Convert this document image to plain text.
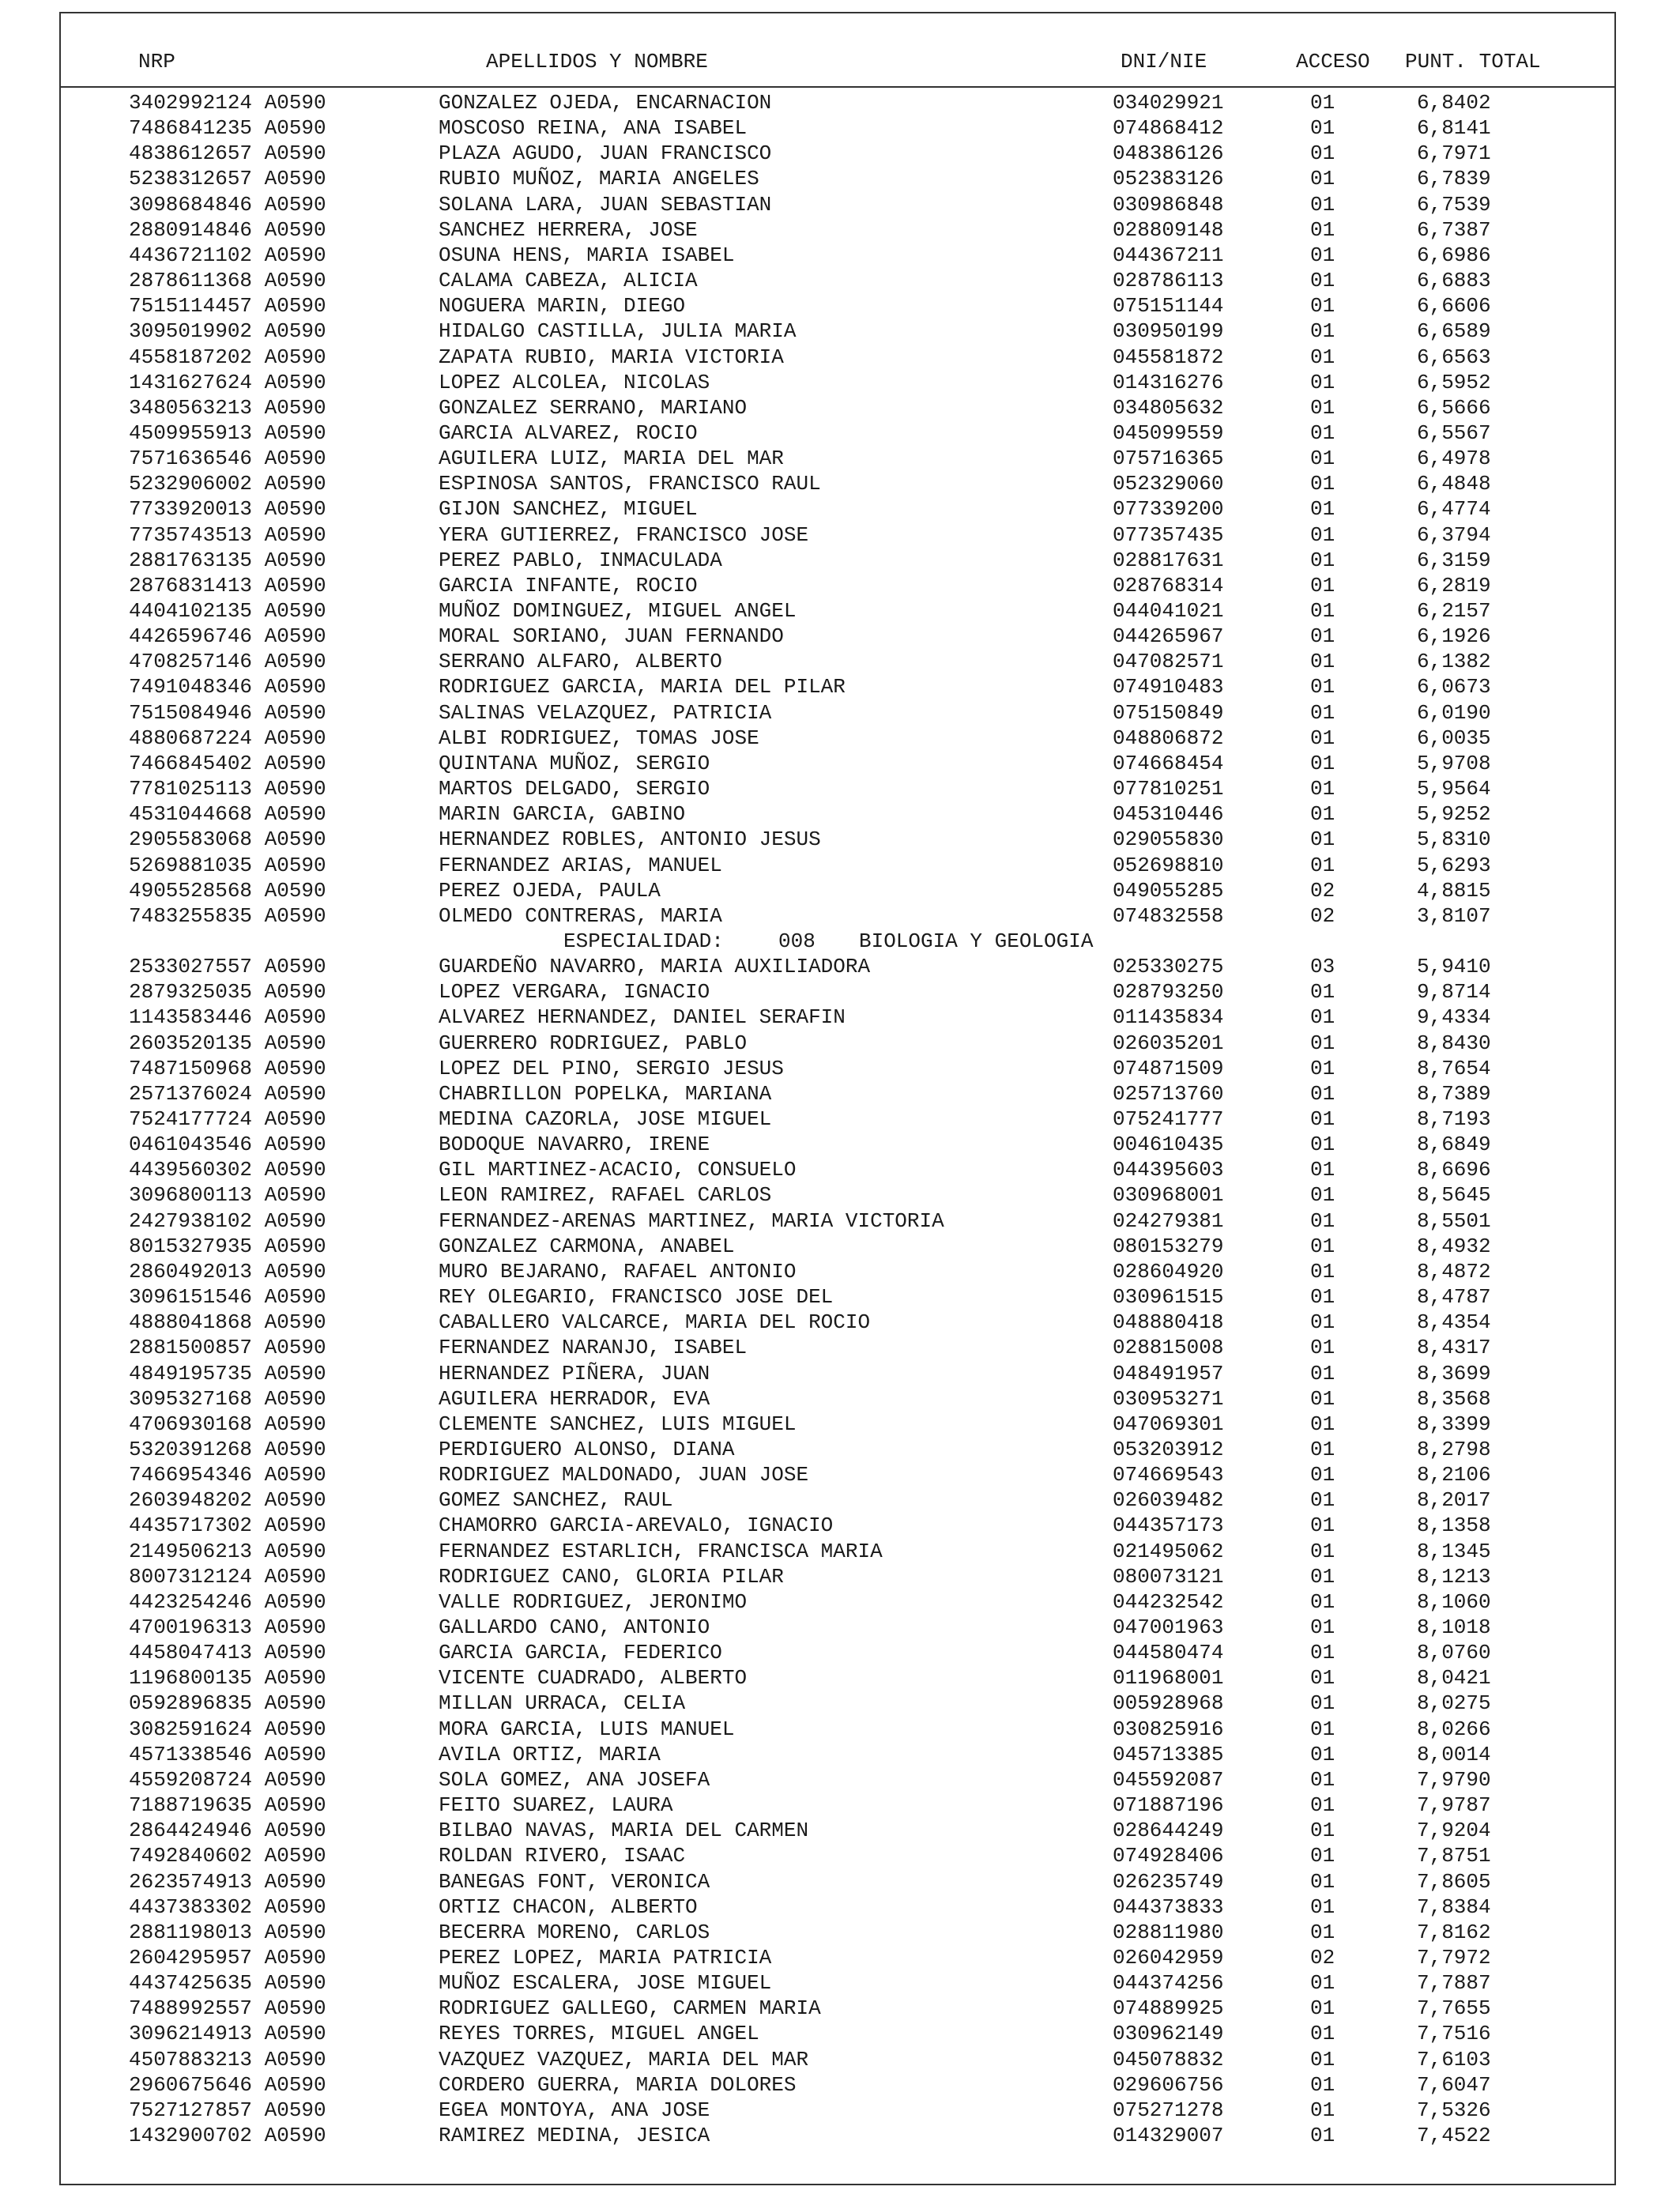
NRP	APELLIDOS Y NOMBRE	DNI/NIE	ACCESO PUNT. TOTAL
3402992124 A0590	GONZALEZ OJEDA, ENCARNACION	034029921	01	6,8402
7486841235 A0590	MOSCOSO REINA, ANA ISABEL	074868412	01	6,8141
4838612657 A0590	PLAZA AGUDO, JUAN FRANCISCO	048386126	01	6,7971
5238312657 A0590	RUBIO MUÑOZ, MARIA ANGELES	052383126	01	6,7839
3098684846 A0590	SOLANA LARA, JUAN SEBASTIAN	030986848	01	6,7539
2880914846 A0590	SANCHEZ HERRERA, JOSE	028809148	01	6,7387
4436721102 A0590	OSUNA HENS, MARIA ISABEL	044367211	01	6,6986
2878611368 A0590	CALAMA CABEZA, ALICIA	028786113	01	6,6883
7515114457 A0590	NOGUERA MARIN, DIEGO	075151144	01	6,6606
3095019902 A0590	HIDALGO CASTILLA, JULIA MARIA	030950199	01	6,6589
4558187202 A0590	ZAPATA RUBIO, MARIA VICTORIA	045581872	01	6,6563
1431627624 A0590	LOPEZ ALCOLEA, NICOLAS	014316276	01	6,5952
3480563213 A0590	GONZALEZ SERRANO, MARIANO	034805632	01	6,5666
4509955913 A0590	GARCIA ALVAREZ, ROCIO	045099559	01	6,5567
7571636546 A0590	AGUILERA LUIZ, MARIA DEL MAR	075716365	01	6,4978
5232906002 A0590	ESPINOSA SANTOS, FRANCISCO RAUL	052329060	01	6,4848
7733920013 A0590	GIJON SANCHEZ, MIGUEL	077339200	01	6,4774
7735743513 A0590	YERA GUTIERREZ, FRANCISCO JOSE	077357435	01	6,3794
2881763135 A0590	PEREZ PABLO, INMACULADA	028817631	01	6,3159
2876831413 A0590	GARCIA INFANTE, ROCIO	028768314	01	6,2819
4404102135 A0590	MUÑOZ DOMINGUEZ, MIGUEL ANGEL	044041021	01	6,2157
4426596746 A0590	MORAL SORIANO, JUAN FERNANDO	044265967	01	6,1926
4708257146 A0590	SERRANO ALFARO, ALBERTO	047082571	01	6,1382
7491048346 A0590	RODRIGUEZ GARCIA, MARIA DEL PILAR	074910483	01	6,0673
7515084946 A0590	SALINAS VELAZQUEZ, PATRICIA	075150849	01	6,0190
4880687224 A0590	ALBI RODRIGUEZ, TOMAS JOSE	048806872	01	6,0035
7466845402 A0590	QUINTANA MUÑOZ, SERGIO	074668454	01	5,9708
7781025113 A0590	MARTOS DELGADO, SERGIO	077810251	01	5,9564
4531044668 A0590	MARIN GARCIA, GABINO	045310446	01	5,9252
2905583068 A0590	HERNANDEZ ROBLES, ANTONIO JESUS	029055830	01	5,8310
5269881035 A0590	FERNANDEZ ARIAS, MANUEL	052698810	01	5,6293
4905528568 A0590	PEREZ OJEDA, PAULA	049055285	02	4,8815
7483255835 A0590	OLMEDO CONTRERAS, MARIA	074832558	02	3,8107
ESPECIALIDAD:	008 BIOLOGIA Y GEOLOGIA
2533027557 A0590	GUARDEÑO NAVARRO, MARIA AUXILIADORA	025330275	03	5,9410
2879325035 A0590	LOPEZ VERGARA, IGNACIO	028793250	01	9,8714
1143583446 A0590	ALVAREZ HERNANDEZ, DANIEL SERAFIN	011435834	01	9,4334
2603520135 A0590	GUERRERO RODRIGUEZ, PABLO	026035201	01	8,8430
7487150968 A0590	LOPEZ DEL PINO, SERGIO JESUS	074871509	01	8,7654
2571376024 A0590	CHABRILLON POPELKA, MARIANA	025713760	01	8,7389
7524177724 A0590	MEDINA CAZORLA, JOSE MIGUEL	075241777	01	8,7193
0461043546 A0590	BODOQUE NAVARRO, IRENE	004610435	01	8,6849
4439560302 A0590	GIL MARTINEZ-ACACIO, CONSUELO	044395603	01	8,6696
3096800113 A0590	LEON RAMIREZ, RAFAEL CARLOS	030968001	01	8,5645
2427938102 A0590	FERNANDEZ-ARENAS MARTINEZ, MARIA VICTORIA	024279381	01	8,5501
8015327935 A0590	GONZALEZ CARMONA, ANABEL	080153279	01	8,4932
2860492013 A0590	MURO BEJARANO, RAFAEL ANTONIO	028604920	01	8,4872
3096151546 A0590	REY OLEGARIO, FRANCISCO JOSE DEL	030961515	01	8,4787
4888041868 A0590	CABALLERO VALCARCE, MARIA DEL ROCIO	048880418	01	8,4354
2881500857 A0590	FERNANDEZ NARANJO, ISABEL	028815008	01	8,4317
4849195735 A0590	HERNANDEZ PIÑERA, JUAN	048491957	01	8,3699
3095327168 A0590	AGUILERA HERRADOR, EVA	030953271	01	8,3568
4706930168 A0590	CLEMENTE SANCHEZ, LUIS MIGUEL	047069301	01	8,3399
5320391268 A0590	PERDIGUERO ALONSO, DIANA	053203912	01	8,2798
7466954346 A0590	RODRIGUEZ MALDONADO, JUAN JOSE	074669543	01	8,2106
2603948202 A0590	GOMEZ SANCHEZ, RAUL	026039482	01	8,2017
4435717302 A0590	CHAMORRO GARCIA-AREVALO, IGNACIO	044357173	01	8,1358
2149506213 A0590	FERNANDEZ ESTARLICH, FRANCISCA MARIA	021495062	01	8,1345
8007312124 A0590	RODRIGUEZ CANO, GLORIA PILAR	080073121	01	8,1213
4423254246 A0590	VALLE RODRIGUEZ, JERONIMO	044232542	01	8,1060
4700196313 A0590	GALLARDO CANO, ANTONIO	047001963	01	8,1018
4458047413 A0590	GARCIA GARCIA, FEDERICO	044580474	01	8,0760
1196800135 A0590	VICENTE CUADRADO, ALBERTO	011968001	01	8,0421
0592896835 A0590	MILLAN URRACA, CELIA	005928968	01	8,0275
3082591624 A0590	MORA GARCIA, LUIS MANUEL	030825916	01	8,0266
4571338546 A0590	AVILA ORTIZ, MARIA	045713385	01	8,0014
4559208724 A0590	SOLA GOMEZ, ANA JOSEFA	045592087	01	7,9790
7188719635 A0590	FEITO SUAREZ, LAURA	071887196	01	7,9787
2864424946 A0590	BILBAO NAVAS, MARIA DEL CARMEN	028644249	01	7,9204
7492840602 A0590	ROLDAN RIVERO, ISAAC	074928406	01	7,8751
2623574913 A0590	BANEGAS FONT, VERONICA	026235749	01	7,8605
4437383302 A0590	ORTIZ CHACON, ALBERTO	044373833	01	7,8384
2881198013 A0590	BECERRA MORENO, CARLOS	028811980	01	7,8162
2604295957 A0590	PEREZ LOPEZ, MARIA PATRICIA	026042959	02	7,7972
4437425635 A0590	MUÑOZ ESCALERA, JOSE MIGUEL	044374256	01	7,7887
7488992557 A0590	RODRIGUEZ GALLEGO, CARMEN MARIA	074889925	01	7,7655
3096214913 A0590	REYES TORRES, MIGUEL ANGEL	030962149	01	7,7516
4507883213 A0590	VAZQUEZ VAZQUEZ, MARIA DEL MAR	045078832	01	7,6103
2960675646 A0590	CORDERO GUERRA, MARIA DOLORES	029606756	01	7,6047
7527127857 A0590	EGEA MONTOYA, ANA JOSE	075271278	01	7,5326
1432900702 A0590	RAMIREZ MEDINA, JESICA	014329007	01	7,4522
